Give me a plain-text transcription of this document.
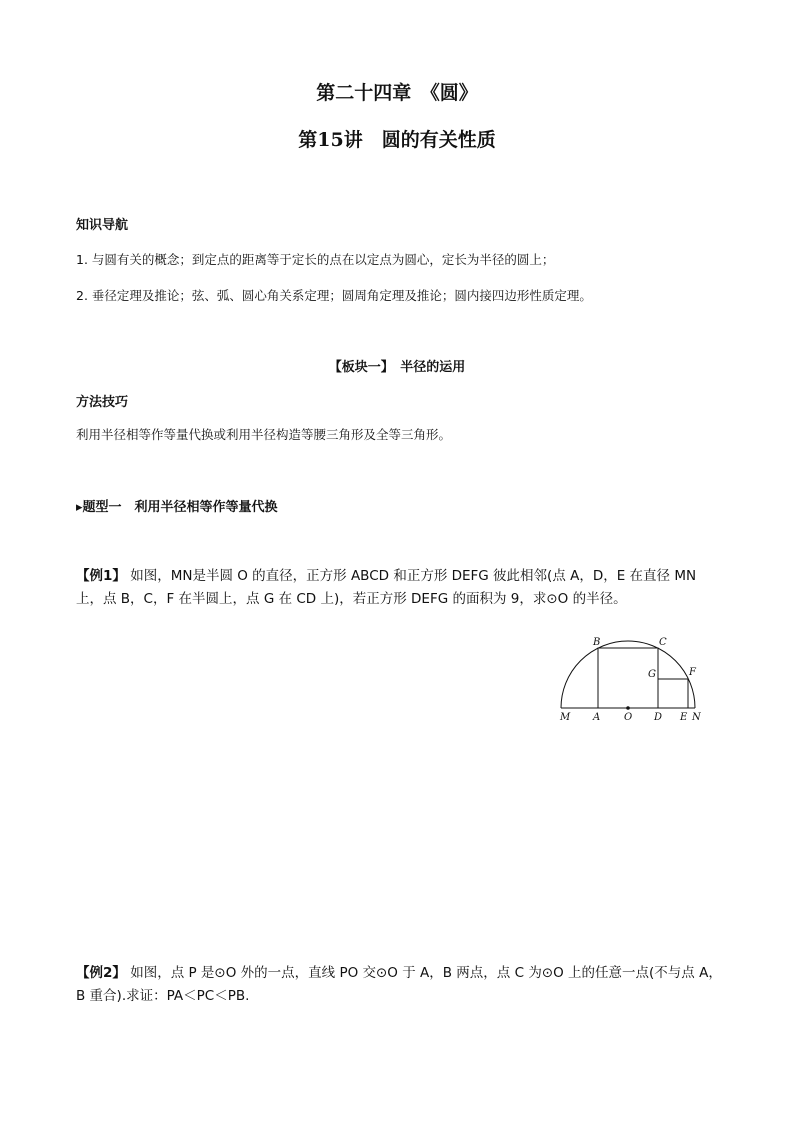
第二十四章　《圆》
第15讲　圆的有关性质
知识导航
1. 与圆有关的概念；到定点的距离等于定长的点在以定点为圆心，定长为半径的圆上；
2. 垂径定理及推论；弦、弧、圆心角关系定理；圆周角定理及推论；圆内接四边形性质定理。
【板块一】　半径的运用
方法技巧
利用半径相等作等量代换或利用半径构造等腰三角形及全等三角形。
▸题型一　利用半径相等作等量代换
【例1】 如图，MN是半圆 O 的直径，正方形 ABCD 和正方形 DEFG 彼此相邻(点 A，D，E 在直径 MN 上，点 B，C，F 在半圆上，点 G 在 CD 上)，若正方形 DEFG 的面积为 9，求⊙O 的半径。
B	C
G	F
M A O D E N
【例2】 如图，点 P 是⊙O 外的一点，直线 PO 交⊙O 于 A，B 两点，点 C 为⊙O 上的任意一点(不与点 A，B 重合).求证：PA＜PC＜PB.
